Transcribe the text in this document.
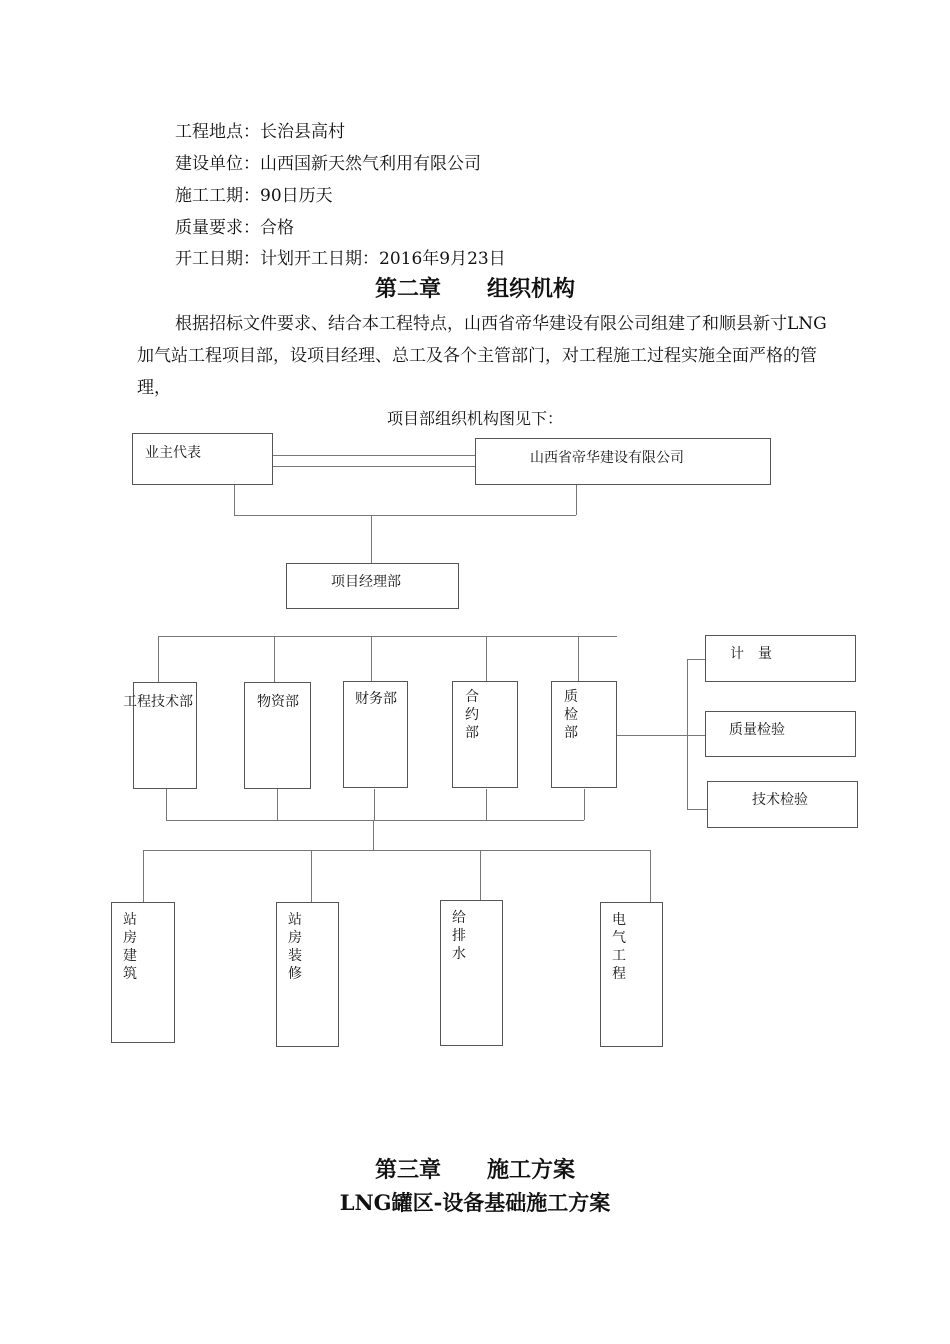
工程地点：长治县高村
建设单位：山西国新天然气利用有限公司
施工工期：90日历天
质量要求：合格
开工日期：计划开工日期：2016年9月23日
第二章      组织机构
根据招标文件要求、结合本工程特点，山西省帝华建设有限公司组建了和顺县新寸LNG加气站工程项目部，设项目经理、总工及各个主管部门，对工程施工过程实施全面严格的管理，
项目部组织机构图见下：
业主代表	山西省帝华建设有限公司
项目经理部
工程技术部	物资部	财务部	合约部
质检部
计　量
质量检验
技术检验
站房建筑
站房装修
给排水
电气工程
第三章      施工方案
LNG罐区-设备基础施工方案
